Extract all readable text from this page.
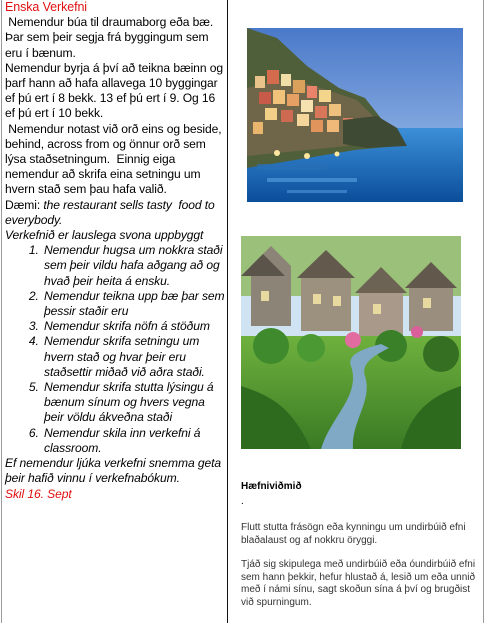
Enska Verkefni

Nemendur búa til draumaborg eða bæ. Þar sem þeir segja frá byggingum sem eru í bænum.

Nemendur byrja á því að teikna bæinn og þarf hann að hafa allavega 10 byggingar ef þú ert í 8 bekk. 13 ef þú ert í 9. Og 16 ef þú ert í 10 bekk.

Nemendur notast við orð eins og beside, behind, across from og önnur orð sem lýsa staðsetningum.  Einnig eiga nemendur að skrifa eina setningu um hvern stað sem þau hafa valið.

Dæmi: the restaurant sells tasty  food to everybody.

Verkefnið er lauslega svona uppbyggt

1. Nemendur hugsa um nokkra staði sem þeir vildu hafa aðgang að og hvað þeir heita á ensku.
2. Nemendur teikna upp bæ þar sem þessir staðir eru
3. Nemendur skrifa nöfn á stöðum
4. Nemendur skrifa setningu um hvern stað og hvar þeir eru staðsettir miðað við aðra staði.
5. Nemendur skrifa stutta lýsingu á bænum sínum og hvers vegna þeir völdu ákveðna staði
6. Nemendur skila inn verkefni á classroom.

Ef nemendur ljúka verkefni snemma geta þeir hafið vinnu í verkefnabókum.

Skil 16. Sept	Hæfniviðmið
.
Flutt stutta frásögn eða kynningu um undirbúið efni blaðalaust og af nokkru öryggi.
Tjáð sig skipulega með undirbúið eða óundirbúið efni sem hann þekkir, hefur hlustað á, lesið um eða unnið með í námi sínu, sagt skoðun sína á því og brugðist við spurningum.
